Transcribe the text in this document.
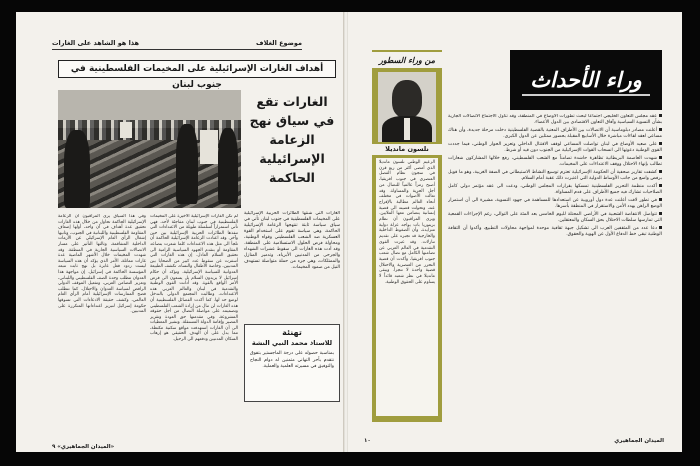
موضوع الغلاف
هذا هو الشاهد على الغارات
أهداف الغارات الإسرائيلية على المخيمات الفلسطينية في جنوب لبنان
الغارات تقع
في سياق نهج
الزعامة
الإسرائيلية
الحاكمة
الغارات التي شنتها الطائرات الحربية الإسرائيلية على المخيمات الفلسطينية في جنوب لبنان تأتي في سياق سياسة ثابتة تنتهجها الزعامة الإسرائيلية الحاكمة، وهي سياسة تقوم على استخدام القوة العسكرية ضد الشعب الفلسطيني وقواه الوطنية، ومحاولة فرض الحلول الاستسلامية على المنطقة. وقد أدت هذه الغارات الى سقوط عشرات الشهداء والجرحى من المدنيين الأبرياء، وتدمير المنازل والممتلكات، وهي جزء من حملة متواصلة تستهدف النيل من صمود المخيمات.
لم تكن الغارات الإسرائيلية الأخيرة على المخيمات الفلسطينية في جنوب لبنان مفاجئة لأحد، فهي تأتي استمراراً لسلسلة طويلة من الاعتداءات التي تنفذها الطائرات الحربية الإسرائيلية بين حين وآخر. وقد اعتادت الزعامة الإسرائيلية الحاكمة أن تلجأ الى مثل هذه الاعتداءات كلما شعرت بتصاعد المقاومة أو بتقدم الجهود السياسية الرامية الى تحقيق السلام العادل. إن هذه الغارات التي أسفرت عن سقوط عدد كبير من الضحايا بين المدنيين، وخاصة الأطفال والنساء، تكشف الطبيعة العدوانية للسياسة الإسرائيلية، وتؤكد أن حكام إسرائيل لا يريدون السلام بل يسعون الى فرض الأمر الواقع بالقوة. وقد أدانت القوى الوطنية والتقدمية في لبنان والعالم العربي هذه الاعتداءات، وطالبت المجتمع الدولي بالتدخل لوضع حد لها. كما أكدت الفصائل الفلسطينية أن هذه الغارات لن تنال من إرادة الشعب الفلسطيني وتصميمه على مواصلة النضال من أجل حقوقه المشروعة، وفي مقدمتها حق العودة وتقرير المصير وإقامة الدولة المستقلة. وتشير المعطيات الى أن الغارات استهدفت مواقع سكنية مكتظة، مما يدل على أن الهدف الحقيقي هو إرهاب السكان المدنيين ودفعهم الى الرحيل.
وفي هذا السياق يرى المراقبون أن الزعامة الإسرائيلية الحاكمة تحاول من خلال هذه الغارات تحقيق عدة أهداف في آن واحد، أولها إضعاف المقاومة الفلسطينية واللبنانية في الجنوب، وثانيها إشغال الرأي العام الإسرائيلي عن الأزمات الداخلية المتفاقمة، وثالثها التأثير على مسار الاتصالات السياسية الجارية في المنطقة. وقد شهدت المخيمات خلال الأشهر الماضية عدة غارات مماثلة، الأمر الذي يؤكد أن هذه السياسة ليست ردود فعل عابرة بل نهج ثابت تتبعه المؤسسة الحاكمة في إسرائيل. إن مواجهة هذا العدوان تتطلب وحدة الصف الفلسطيني واللبناني، وتعزيز التضامن العربي، وتفعيل الموقف الدولي الرافض لسياسة العدوان والاحتلال. كما تتطلب فضح الممارسات الإسرائيلية أمام الرأي العام العالمي، وكشف حقيقة الادعاءات التي تسوقها حكومة إسرائيل لتبرير اعتداءاتها المتكررة على المدنيين.
تهنئة
للاستاذ محمد النبي النشة
بمناسبة حصوله على درجة الماجستير بتفوق نتقدم بأحر التهاني متمنين له دوام النجاح والتوفيق في مسيرته العلمية والعملية.
«الميدان الجماهيري» ٩
وراء الأحداث
من وراء السطور
نلسون مانديلا
الزعيم الوطني نلسون مانديلا الذي أمضى أكثر من ربع قرن في سجون نظام الفصل العنصري في جنوب افريقيا، أصبح رمزاً عالمياً للنضال من أجل الحرية والمساواة. وقد تعالت الأصوات في مختلف أنحاء العالم مطالبة بالإفراج عنه، وتحولت قضيته الى قضية إنسانية يتضامن معها الملايين. ويرى المراقبون أن نظام بريتوريا بات يواجه عزلة دولية متزايدة، وأن الضغوط الداخلية والخارجية قد تجبره على تقديم تنازلات. وقد عبرت القوى التقدمية في العالم العربي عن تضامنها الكامل مع نضال شعب جنوب افريقيا، وأكدت أن قضية التحرر من العنصرية والاحتلال قضية واحدة لا تتجزأ. ويبقى مانديلا في نظر شعبه قائداً لا يساوم على الحقوق الوطنية.

عقد مجلس التعاون الخليجي اجتماعاً لبحث تطورات الأوضاع في المنطقة، وقد تناول الاجتماع الاتصالات الجارية بشأن التسوية السياسية وآفاق التعاون الاقتصادي بين الدول الأعضاء.

أعلنت مصادر دبلوماسية أن الاتصالات بين الأطراف المعنية بالقضية الفلسطينية دخلت مرحلة جديدة، وأن هناك مساعي لعقد لقاءات مباشرة خلال الأسابيع المقبلة بحضور ممثلين عن الدول الكبرى.

على صعيد الأوضاع في لبنان تواصلت المساعي لوقف الاقتتال الداخلي وتعزيز الحوار الوطني، فيما جددت القوى الوطنية دعوتها الى انسحاب القوات الإسرائيلية من الجنوب دون قيد أو شرط.

شهدت العاصمة البريطانية تظاهرة حاشدة تضامناً مع الشعب الفلسطيني، رفع خلالها المشاركون شعارات تطالب بإنهاء الاحتلال ووقف الاعتداءات على المخيمات.

كشفت تقارير صحفية أن الحكومة الإسرائيلية تعتزم توسيع النشاط الاستيطاني في الضفة الغربية، وهو ما قوبل برفض واسع من جانب الأوساط الدولية التي اعتبرت ذلك عقبة أمام السلام.

أكدت منظمة التحرير الفلسطينية تمسكها بقرارات المجلس الوطني، ودعت الى عقد مؤتمر دولي كامل الصلاحيات تشارك فيه جميع الأطراف على قدم المساواة.

في تطور لافت أعلنت عدة دول أوروبية عن استعدادها للمساهمة في جهود التسوية، مشيرة الى أن استمرار الوضع الراهن يهدد الأمن والاستقرار في المنطقة بأسرها.

تتواصل الانتفاضة الشعبية في الأراضي المحتلة لليوم الخامس بعد المئة على التوالي، رغم الإجراءات القمعية التي تمارسها سلطات الاحتلال بحق السكان والمعتقلين.

دعا عدد من المثقفين العرب الى تشكيل جبهة ثقافية موحدة لمواجهة محاولات التطبيع، وأكدوا أن الثقافة الوطنية تبقى خط الدفاع الأول عن الهوية والحقوق.

١٠	الميدان الجماهيري
